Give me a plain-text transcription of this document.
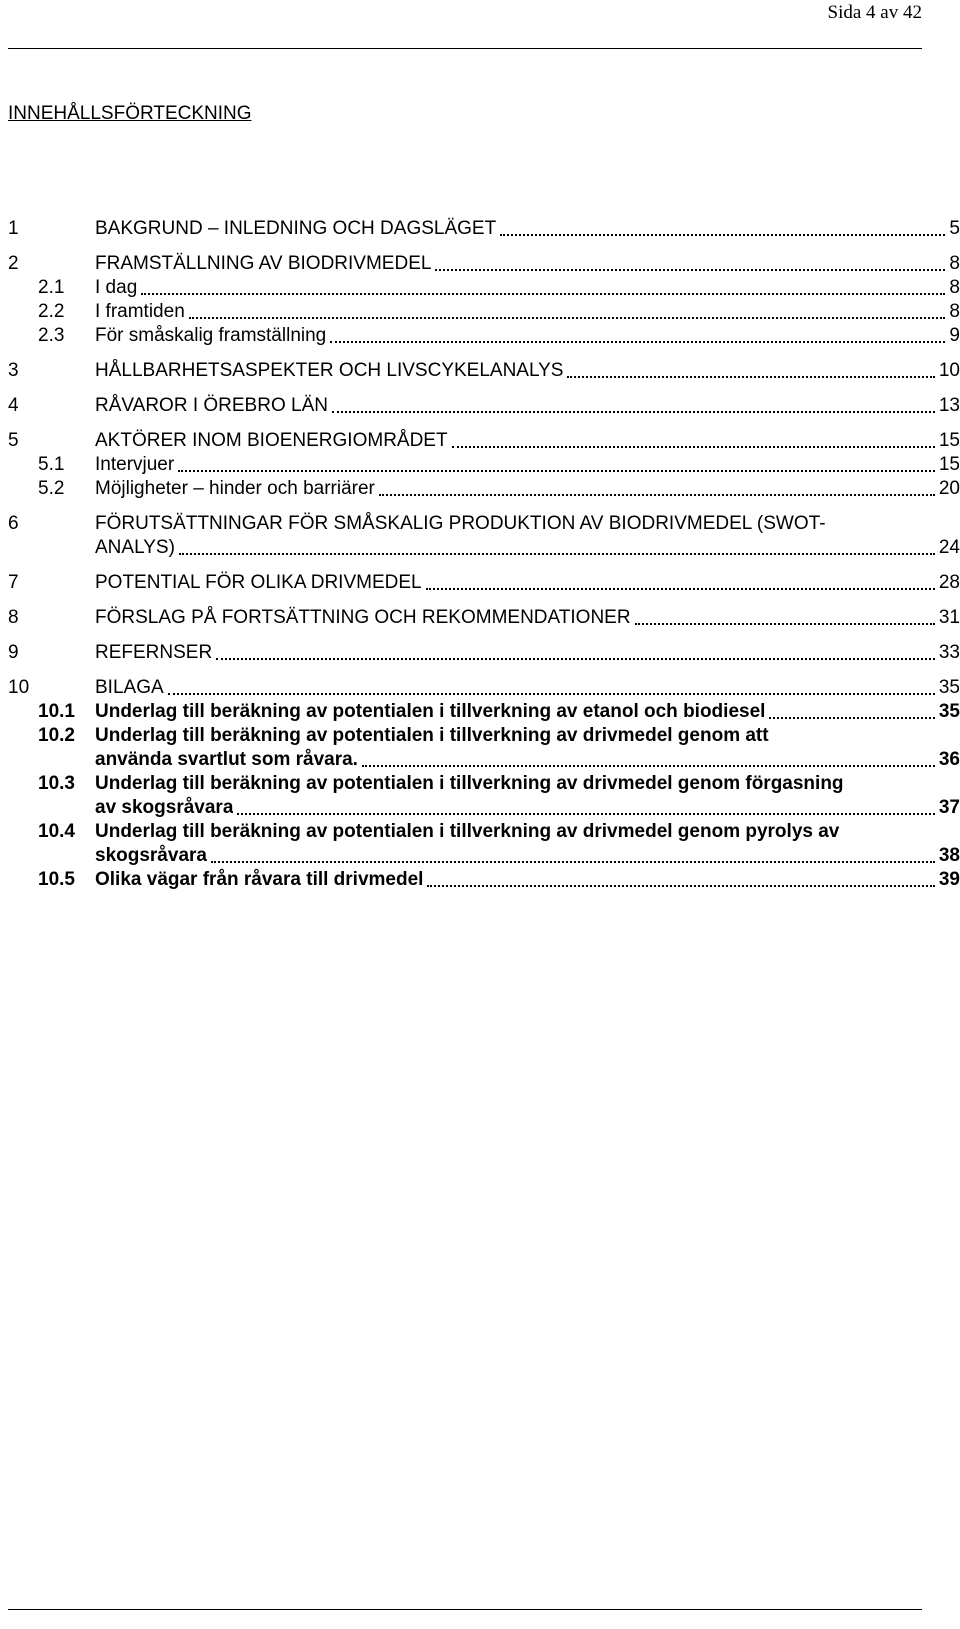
Sida 4 av 42
INNEHÅLLSFÖRTECKNING
1	BAKGRUND – INLEDNING OCH DAGSLÄGET	5
2	FRAMSTÄLLNING AV BIODRIVMEDEL	8
2.1	I dag	8
2.2	I framtiden	8
2.3	För småskalig framställning	9
3	HÅLLBARHETSASPEKTER OCH LIVSCYKELANALYS	10
4	RÅVAROR I ÖREBRO LÄN	13
5	AKTÖRER INOM BIOENERGIOMRÅDET	15
5.1	Intervjuer	15
5.2	Möjligheter – hinder och barriärer	20
6	FÖRUTSÄTTNINGAR FÖR SMÅSKALIG PRODUKTION AV BIODRIVMEDEL (SWOT-
ANALYS)	24
7	POTENTIAL FÖR OLIKA DRIVMEDEL	28
8	FÖRSLAG PÅ FORTSÄTTNING OCH REKOMMENDATIONER	31
9	REFERNSER	33
10	BILAGA	35
10.1	Underlag till beräkning av potentialen i tillverkning av etanol och biodiesel	35
10.2	Underlag till beräkning av potentialen i tillverkning av drivmedel genom att
använda svartlut som råvara.	36
10.3	Underlag till beräkning av potentialen i tillverkning av drivmedel genom förgasning
av skogsråvara	37
10.4	Underlag till beräkning av potentialen i tillverkning av drivmedel genom pyrolys av
skogsråvara	38
10.5	Olika vägar från råvara till drivmedel	39
